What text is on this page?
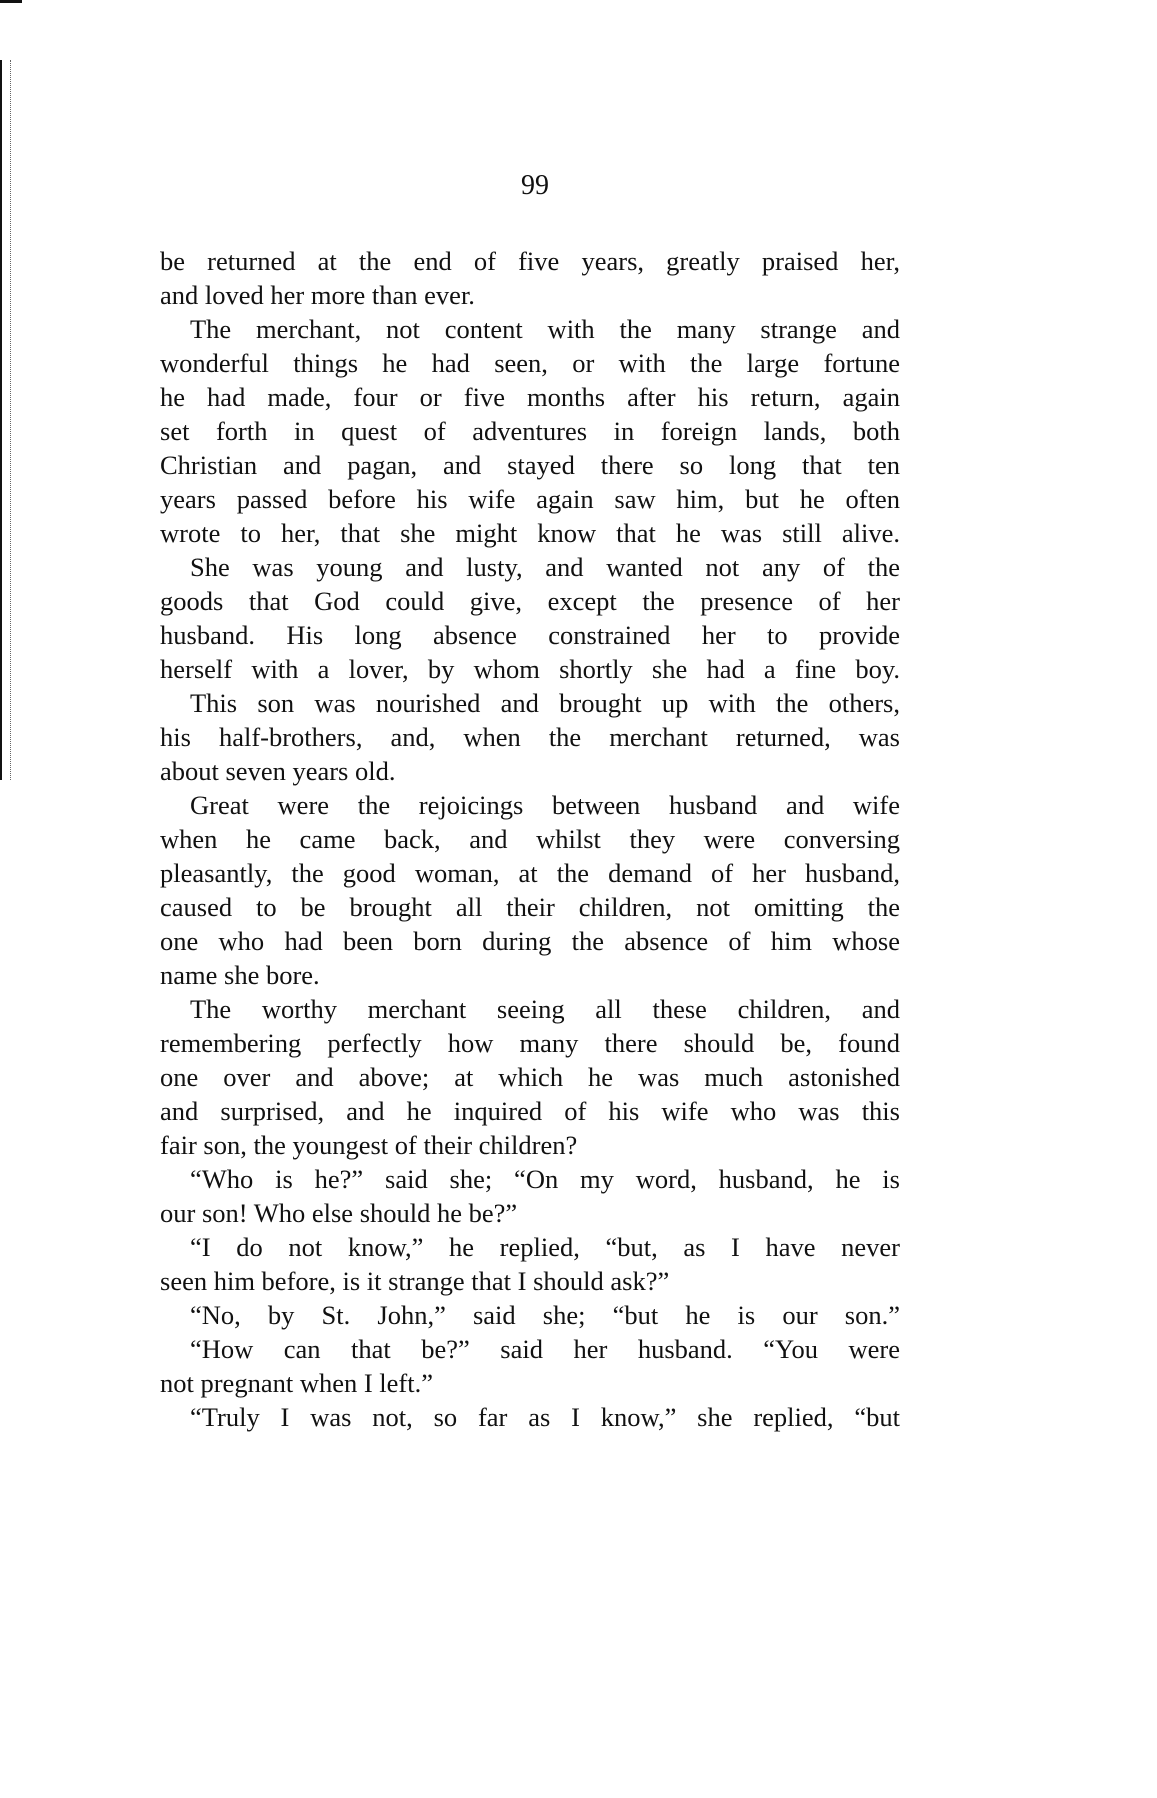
99
be returned at the end of five years, greatly praised her,
and loved her more than ever.
The merchant, not content with the many strange and
wonderful things he had seen, or with the large fortune
he had made, four or five months after his return, again
set forth in quest of adventures in foreign lands, both
Christian and pagan, and stayed there so long that ten
years passed before his wife again saw him, but he often
wrote to her, that she might know that he was still alive.
She was young and lusty, and wanted not any of the
goods that God could give, except the presence of her
husband. His long absence constrained her to provide
herself with a lover, by whom shortly she had a fine boy.
This son was nourished and brought up with the others,
his half-brothers, and, when the merchant returned, was
about seven years old.
Great were the rejoicings between husband and wife
when he came back, and whilst they were conversing
pleasantly, the good woman, at the demand of her husband,
caused to be brought all their children, not omitting the
one who had been born during the absence of him whose
name she bore.
The worthy merchant seeing all these children, and
remembering perfectly how many there should be, found
one over and above; at which he was much astonished
and surprised, and he inquired of his wife who was this
fair son, the youngest of their children?
“Who is he?” said she; “On my word, husband, he is
our son! Who else should he be?”
“I do not know,” he replied, “but, as I have never
seen him before, is it strange that I should ask?”
“No, by St. John,” said she; “but he is our son.”
“How can that be?” said her husband. “You were
not pregnant when I left.”
“Truly I was not, so far as I know,” she replied, “but
